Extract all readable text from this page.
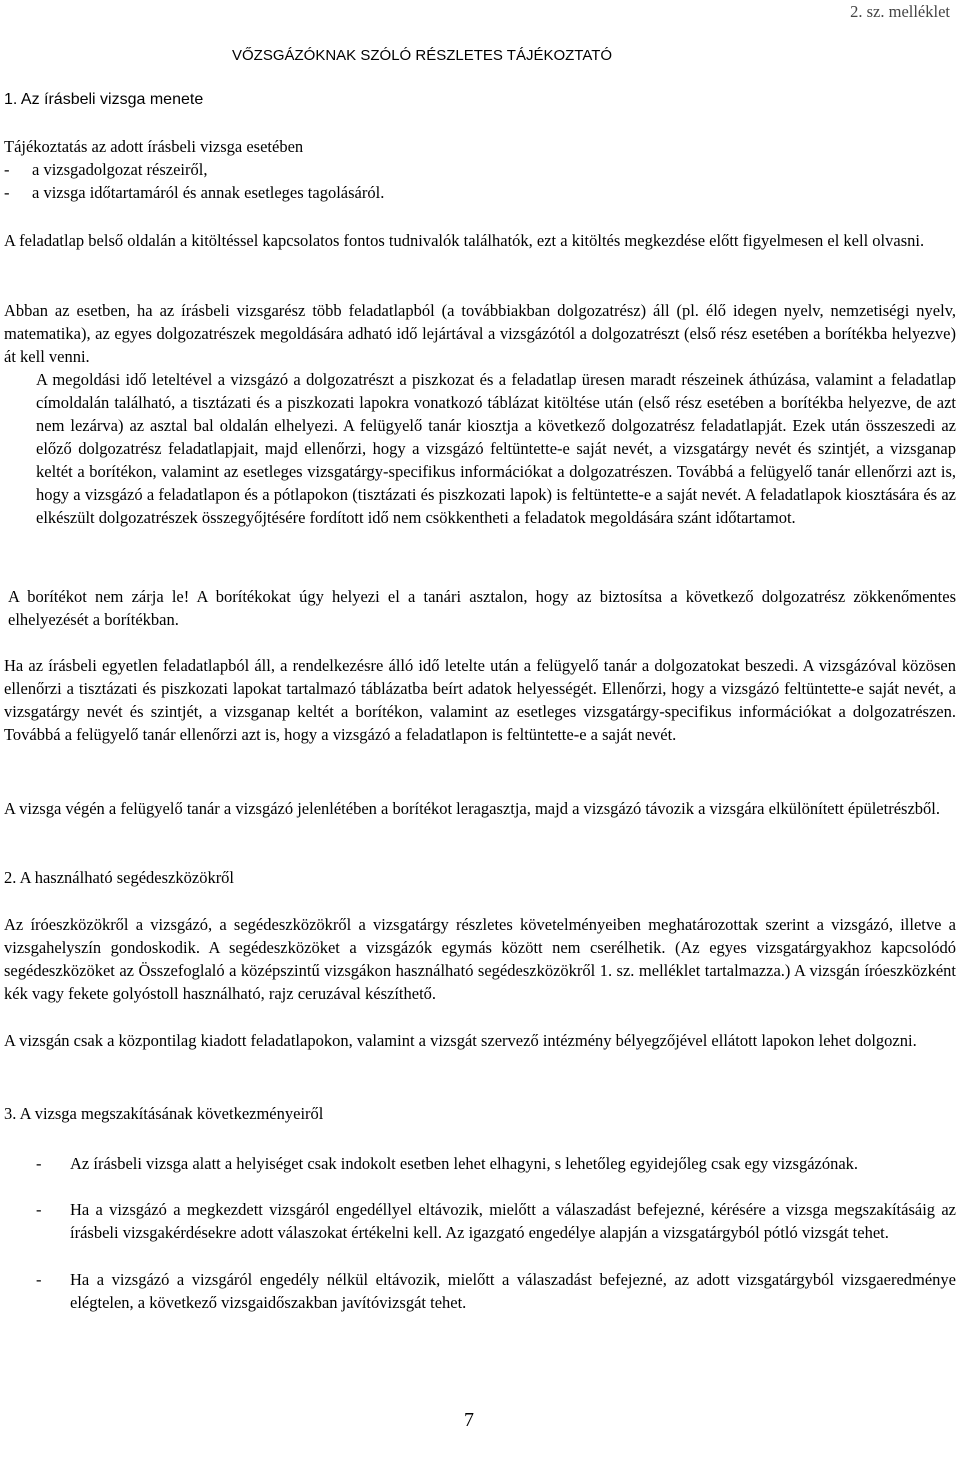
2. sz. melléklet
VŐZSGÁZÓKNAK SZÓLÓ RÉSZLETES TÁJÉKOZTATÓ
1. Az írásbeli vizsga menete

Tájékoztatás az adott írásbeli vizsga esetében

- a vizsgadolgozat részeiről,
- a vizsga időtartamáról és annak esetleges tagolásáról.

A feladatlap belső oldalán a kitöltéssel kapcsolatos fontos tudnivalók találhatók, ezt a kitöltés megkezdése előtt figyelmesen el kell olvasni.

Abban az esetben, ha az írásbeli vizsgarész több feladatlapból (a továbbiakban dolgozatrész) áll (pl. élő idegen nyelv, nemzetiségi nyelv, matematika), az egyes dolgozatrészek megoldására adható idő lejártával a vizsgázótól a dolgozatrészt (első rész esetében a borítékba helyezve) át kell venni.

A megoldási idő leteltével a vizsgázó a dolgozatrészt a piszkozat és a feladatlap üresen maradt részeinek áthúzása, valamint a feladatlap címoldalán található, a tisztázati és a piszkozati lapokra vonatkozó táblázat kitöltése után (első rész esetében a borítékba helyezve, de azt nem lezárva) az asztal bal oldalán elhelyezi. A felügyelő tanár kiosztja a következő dolgozatrész feladatlapját. Ezek után összeszedi az előző dolgozatrész feladatlapjait, majd ellenőrzi, hogy a vizsgázó feltüntette-e saját nevét, a vizsgatárgy nevét és szintjét, a vizsganap keltét a borítékon, valamint az esetleges vizsgatárgy-specifikus információkat a dolgozatrészen. Továbbá a felügyelő tanár ellenőrzi azt is, hogy a vizsgázó a feladatlapon és a pótlapokon (tisztázati és piszkozati lapok) is feltüntette-e a saját nevét. A feladatlapok kiosztására és az elkészült dolgozatrészek összegyőjtésére fordított idő nem csökkentheti a feladatok megoldására szánt időtartamot.

A borítékot nem zárja le! A borítékokat úgy helyezi el a tanári asztalon, hogy az biztosítsa a következő dolgozatrész zökkenőmentes elhelyezését a borítékban.

Ha az írásbeli egyetlen feladatlapból áll, a rendelkezésre álló idő letelte után a felügyelő tanár a dolgozatokat beszedi. A vizsgázóval közösen ellenőrzi a tisztázati és piszkozati lapokat tartalmazó táblázatba beírt adatok helyességét. Ellenőrzi, hogy a vizsgázó feltüntette-e saját nevét, a vizsgatárgy nevét és szintjét, a vizsganap keltét a borítékon, valamint az esetleges vizsgatárgy-specifikus információkat a dolgozatrészen. Továbbá a felügyelő tanár ellenőrzi azt is, hogy a vizsgázó a feladatlapon is feltüntette-e a saját nevét.

A vizsga végén a felügyelő tanár a vizsgázó jelenlétében a borítékot leragasztja, majd a vizsgázó távozik a vizsgára elkülönített épületrészből.

2. A használható segédeszközökről

Az íróeszközökről a vizsgázó, a segédeszközökről a vizsgatárgy részletes követelményeiben meghatározottak szerint a vizsgázó, illetve a vizsgahelyszín gondoskodik. A segédeszközöket a vizsgázók egymás között nem cserélhetik. (Az egyes vizsgatárgyakhoz kapcsolódó segédeszközöket az Összefoglaló a középszintű vizsgákon használható segédeszközökről 1. sz. melléklet tartalmazza.) A vizsgán íróeszközként kék vagy fekete golyóstoll használható, rajz ceruzával készíthető.

A vizsgán csak a központilag kiadott feladatlapokon, valamint a vizsgát szervező intézmény bélyegzőjével ellátott lapokon lehet dolgozni.

3. A vizsga megszakításának következményeiről
- Az írásbeli vizsga alatt a helyiséget csak indokolt esetben lehet elhagyni, s lehetőleg egyidejőleg csak egy vizsgázónak.

- Ha a vizsgázó a megkezdett vizsgáról engedéllyel eltávozik, mielőtt a válaszadást befejezné, kérésére a vizsga megszakításáig az írásbeli vizsgakérdésekre adott válaszokat értékelni kell. Az igazgató engedélye alapján a vizsgatárgyból pótló vizsgát tehet.

- Ha a vizsgázó a vizsgáról engedély nélkül eltávozik, mielőtt a válaszadást befejezné, az adott vizsgatárgyból vizsgaeredménye elégtelen, a következő vizsgaidőszakban javítóvizsgát tehet.

7
